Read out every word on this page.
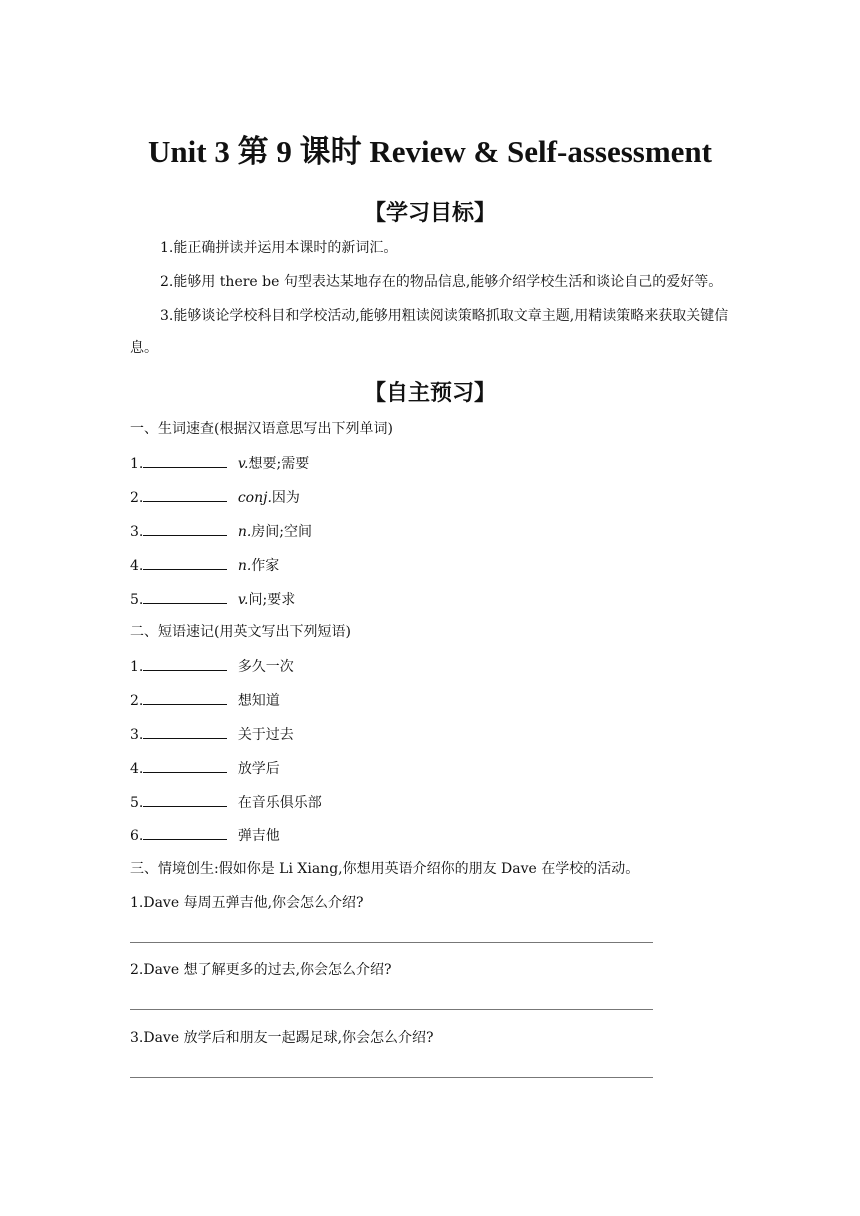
Unit 3 第 9 课时 Review & Self-assessment
【学习目标】
1.能正确拼读并运用本课时的新词汇。
2.能够用 there be 句型表达某地存在的物品信息,能够介绍学校生活和谈论自己的爱好等。
3.能够谈论学校科目和学校活动,能够用粗读阅读策略抓取文章主题,用精读策略来获取关键信息。
【自主预习】
一、生词速查(根据汉语意思写出下列单词)
1.	v.想要;需要
2.	conj.因为
3.	n.房间;空间
4.	n.作家
5.	v.问;要求
二、短语速记(用英文写出下列短语)
1.	多久一次
2.	想知道
3.	关于过去
4.	放学后
5.	在音乐俱乐部
6.	弹吉他
三、情境创生:假如你是 Li Xiang,你想用英语介绍你的朋友 Dave 在学校的活动。
1.Dave 每周五弹吉他,你会怎么介绍?
2.Dave 想了解更多的过去,你会怎么介绍?
3.Dave 放学后和朋友一起踢足球,你会怎么介绍?
